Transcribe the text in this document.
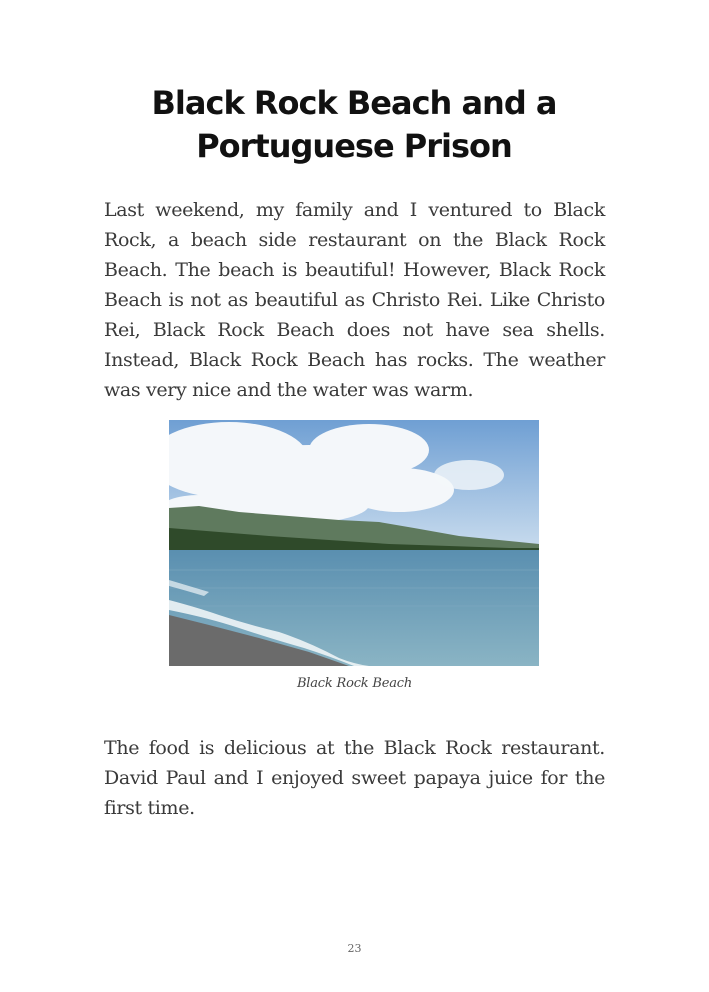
Black Rock Beach and a Portuguese Prison

Last weekend, my family and I ventured to Black Rock, a beach side restaurant on the Black Rock Beach. The beach is beautiful! However, Black Rock Beach is not as beautiful as Christo Rei. Like Christo Rei, Black Rock Beach does not have sea shells. Instead, Black Rock Beach has rocks. The weather was very nice and the water was warm.

Black Rock Beach

The food is delicious at the Black Rock restaurant. David Paul and I enjoyed sweet papaya juice for the first time.

23
